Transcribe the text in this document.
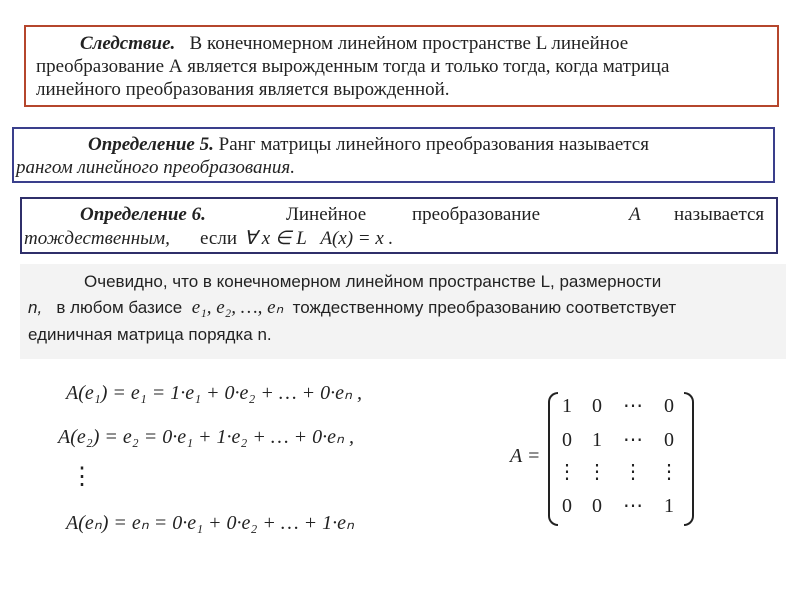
Следствие. В конечномерном линейном пространстве L линейное
преобразование А является вырожденным тогда и только тогда, когда матрица
линейного преобразования является вырожденной.
Определение 5. Ранг матрицы линейного преобразования называется
рангом линейного преобразования.
Определение 6.	Линейное преобразование	A называется
тождественным, если ∀ x ∈ L   A(x) = x .
Очевидно, что в конечномерном линейном пространстве L, размерности
n, в любом базисе e₁, e₂, …, eₙ тождественному преобразованию соответствует
единичная матрица порядка n.
A(e₁) = e₁ = 1·e₁ + 0·e₂ + … + 0·eₙ ,
A(e₂) = e₂ = 0·e₁ + 1·e₂ + … + 0·eₙ ,
⋮
A(eₙ) = eₙ = 0·e₁ + 0·e₂ + … + 1·eₙ
A =
1	0	⋯	0
0	1	⋯	0
⋮ ⋮ ⋮ ⋮
0	0	⋯	1
